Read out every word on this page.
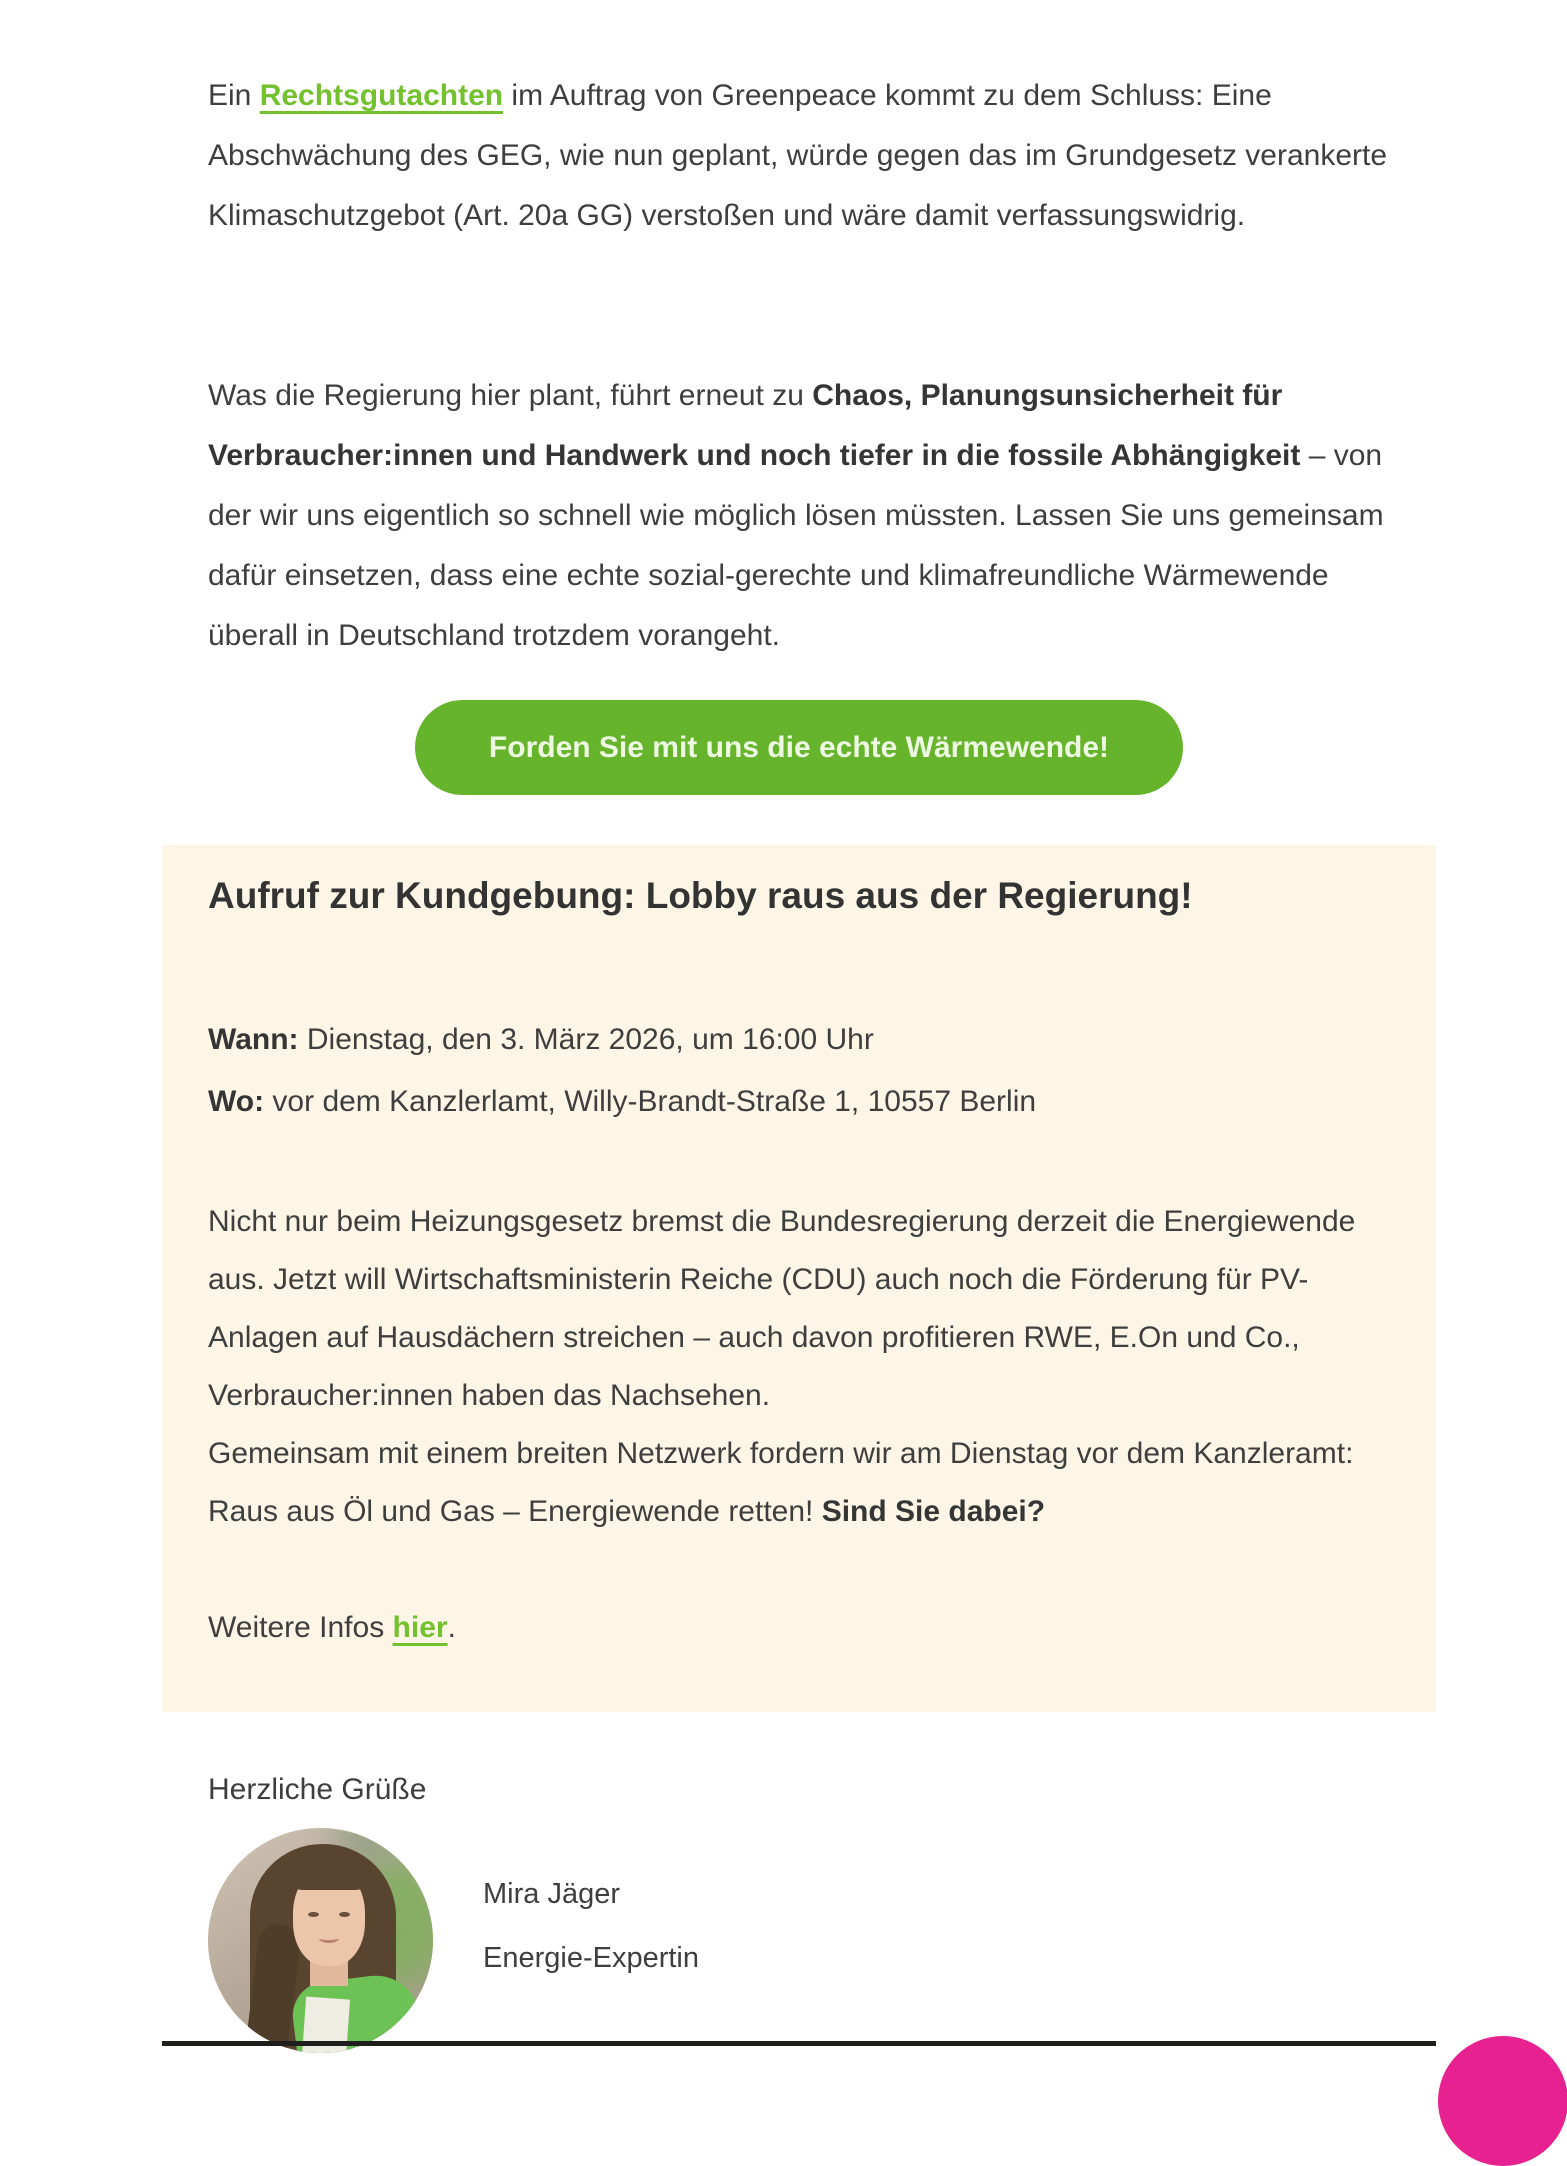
Ein Rechtsgutachten im Auftrag von Greenpeace kommt zu dem Schluss: Eine Abschwächung des GEG, wie nun geplant, würde gegen das im Grundgesetz verankerte Klimaschutzgebot (Art. 20a GG) verstoßen und wäre damit verfassungswidrig.

Was die Regierung hier plant, führt erneut zu Chaos, Planungsunsicherheit für Verbraucher:innen und Handwerk und noch tiefer in die fossile Abhängigkeit – von der wir uns eigentlich so schnell wie möglich lösen müssten. Lassen Sie uns gemeinsam dafür einsetzen, dass eine echte sozial-gerechte und klimafreundliche Wärmewende überall in Deutschland trotzdem vorangeht.

Forden Sie mit uns die echte Wärmewende!
Aufruf zur Kundgebung: Lobby raus aus der Regierung!

Wann: Dienstag, den 3. März 2026, um 16:00 Uhr
Wo: vor dem Kanzlerlamt, Willy-Brandt-Straße 1, 10557 Berlin

Nicht nur beim Heizungsgesetz bremst die Bundesregierung derzeit die Energiewende aus. Jetzt will Wirtschaftsministerin Reiche (CDU) auch noch die Förderung für PV-Anlagen auf Hausdächern streichen – auch davon profitieren RWE, E.On und Co., Verbraucher:innen haben das Nachsehen.
Gemeinsam mit einem breiten Netzwerk fordern wir am Dienstag vor dem Kanzleramt: Raus aus Öl und Gas – Energiewende retten! Sind Sie dabei?

Weitere Infos hier.

Herzliche Grüße

Mira Jäger
Energie-Expertin
